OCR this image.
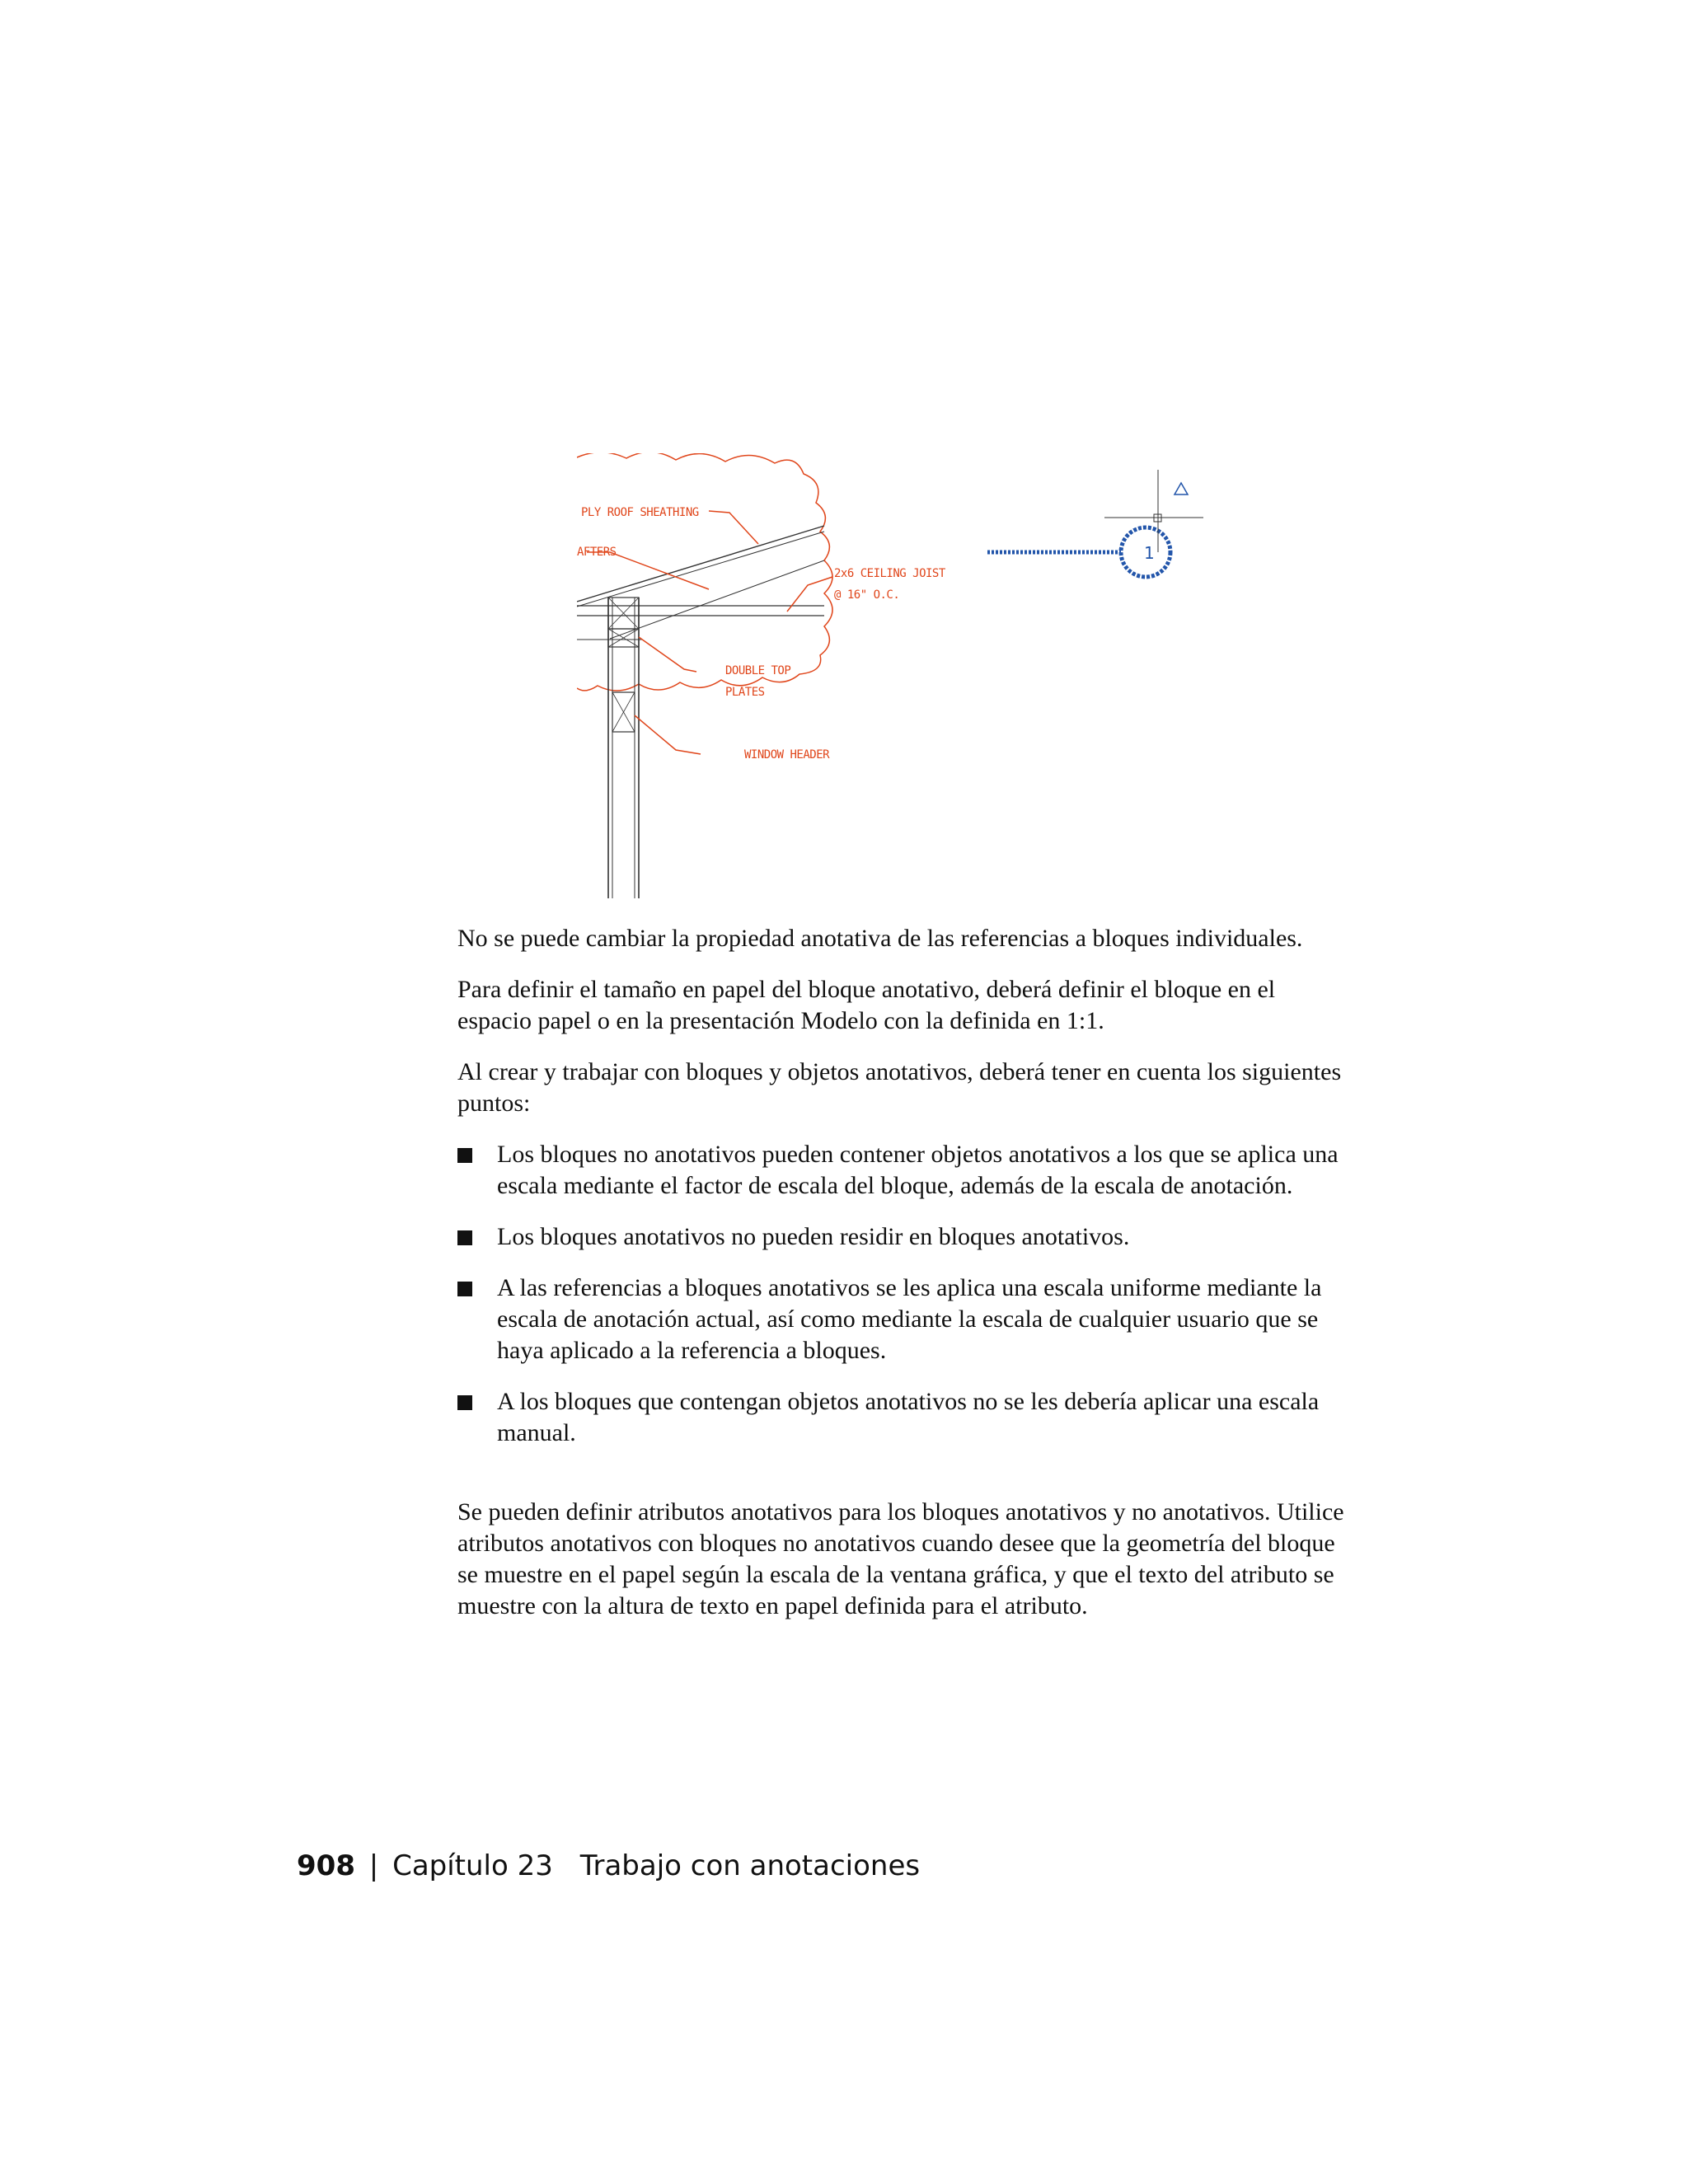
PLY ROOF SHEATHING
AFTERS
2x6 CEILING JOIST
@ 16" O.C.
DOUBLE TOP
PLATES
WINDOW HEADER
1

No se puede cambiar la propiedad anotativa de las referencias a bloques individuales.

Para definir el tamaño en papel del bloque anotativo, deberá definir el bloque en el espacio papel o en la presentación Modelo con la definida en 1:1.

Al crear y trabajar con bloques y objetos anotativos, deberá tener en cuenta los siguientes puntos:

Los bloques no anotativos pueden contener objetos anotativos a los que se aplica una escala mediante el factor de escala del bloque, además de la escala de anotación.
Los bloques anotativos no pueden residir en bloques anotativos.
A las referencias a bloques anotativos se les aplica una escala uniforme mediante la escala de anotación actual, así como mediante la escala de cualquier usuario que se haya aplicado a la referencia a bloques.
A los bloques que contengan objetos anotativos no se les debería aplicar una escala manual.

Se pueden definir atributos anotativos para los bloques anotativos y no anotativos. Utilice atributos anotativos con bloques no anotativos cuando desee que la geometría del bloque se muestre en el papel según la escala de la ventana gráfica, y que el texto del atributo se muestre con la altura de texto en papel definida para el atributo.

908 | Capítulo 23 Trabajo con anotaciones
